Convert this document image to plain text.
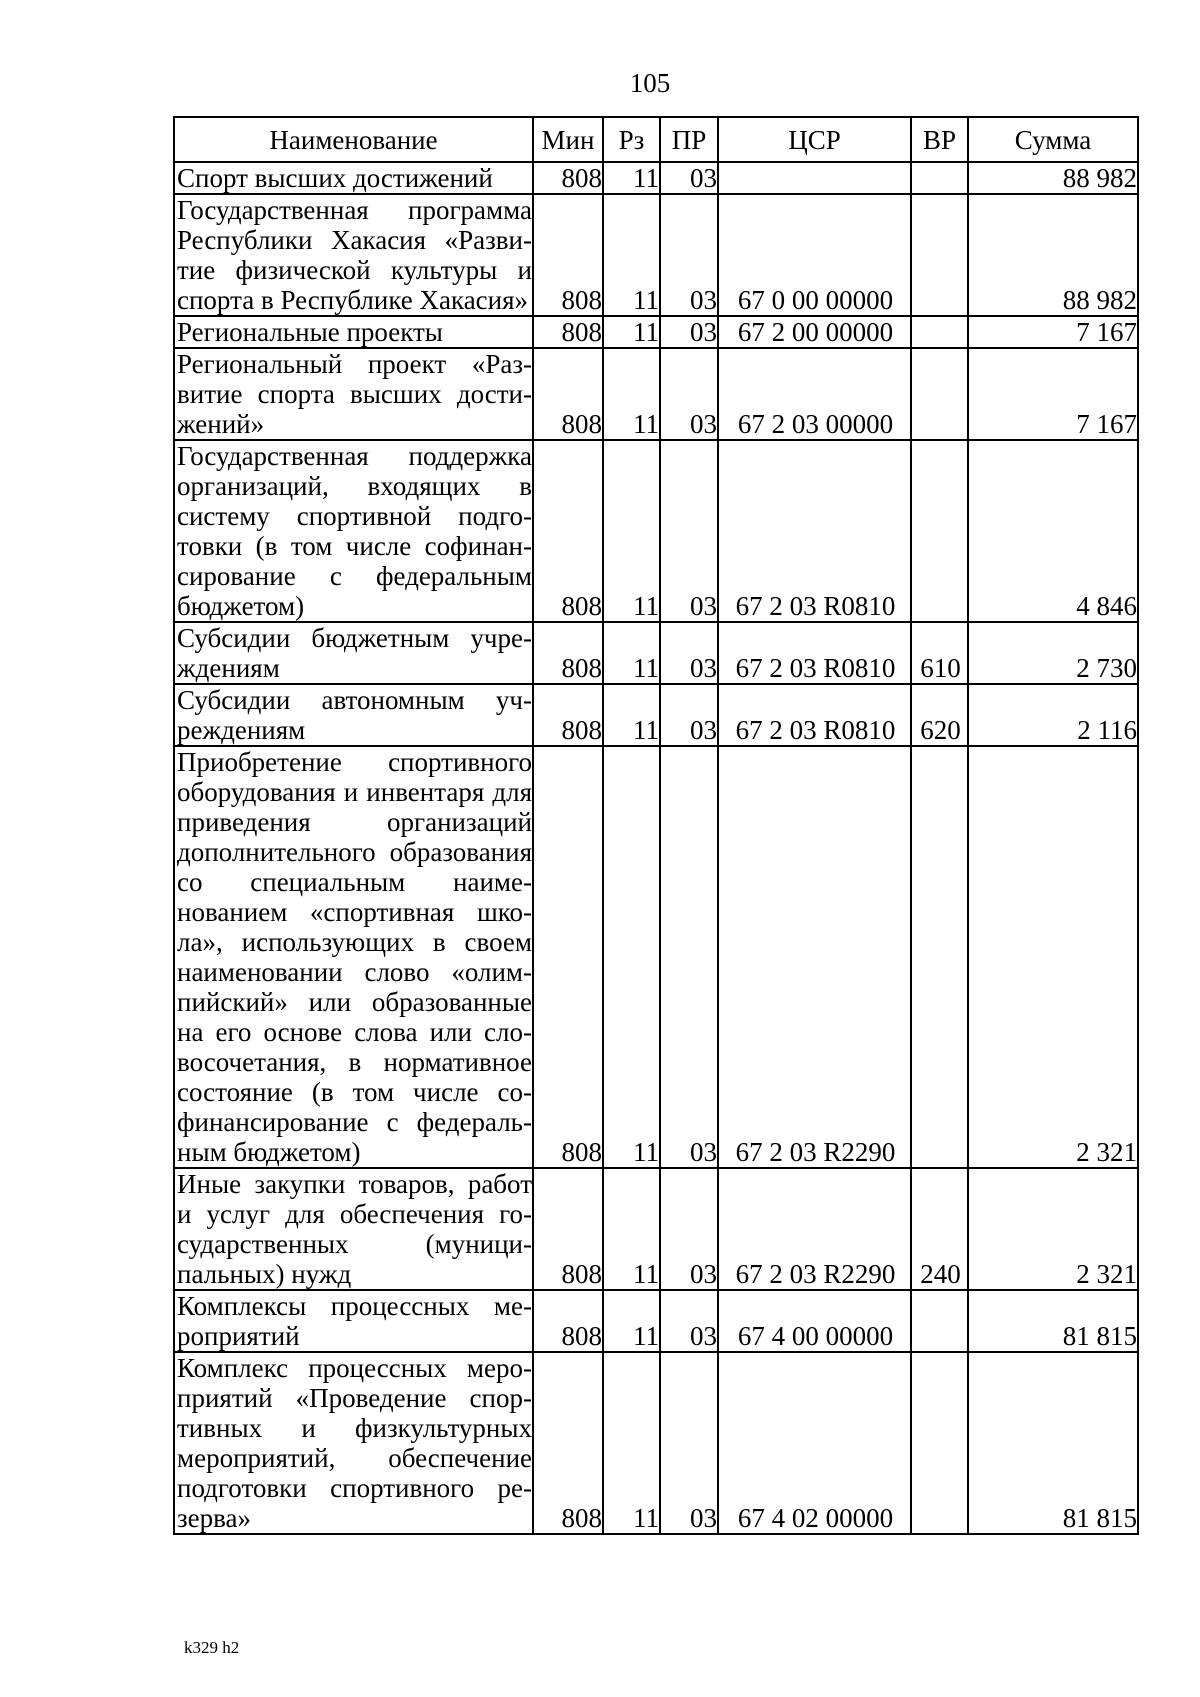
105
Наименование	Мин	Рз	ПР	ЦСР	ВР	Сумма
Спорт высших достижений	808	11	03			88 982
Государственная программа Республики Хакасия «Развитие физической культуры и спорта в Республике Хакасия»	808	11	03	67 0 00 00000		88 982
Региональные проекты	808	11	03	67 2 00 00000		7 167
Региональный проект «Развитие спорта высших достижений»	808	11	03	67 2 03 00000		7 167
Государственная поддержка организаций, входящих в систему спортивной подготовки (в том числе софинансирование с федеральным бюджетом)	808	11	03	67 2 03 R0810		4 846
Субсидии бюджетным учреждениям	808	11	03	67 2 03 R0810	610	2 730
Субсидии автономным учреждениям	808	11	03	67 2 03 R0810	620	2 116
Приобретение спортивного оборудования и инвентаря для приведения организаций дополнительного образования со специальным наименованием «спортивная школа», использующих в своем наименовании слово «олимпийский» или образованные на его основе слова или словосочетания, в нормативное состояние (в том числе софинансирование с федеральным бюджетом)	808	11	03	67 2 03 R2290		2 321
Иные закупки товаров, работ и услуг для обеспечения государственных (муниципальных) нужд	808	11	03	67 2 03 R2290	240	2 321
Комплексы процессных мероприятий	808	11	03	67 4 00 00000		81 815
Комплекс процессных мероприятий «Проведение спортивных и физкультурных мероприятий, обеспечение подготовки спортивного резерва»	808	11	03	67 4 02 00000		81 815
k329 h2
